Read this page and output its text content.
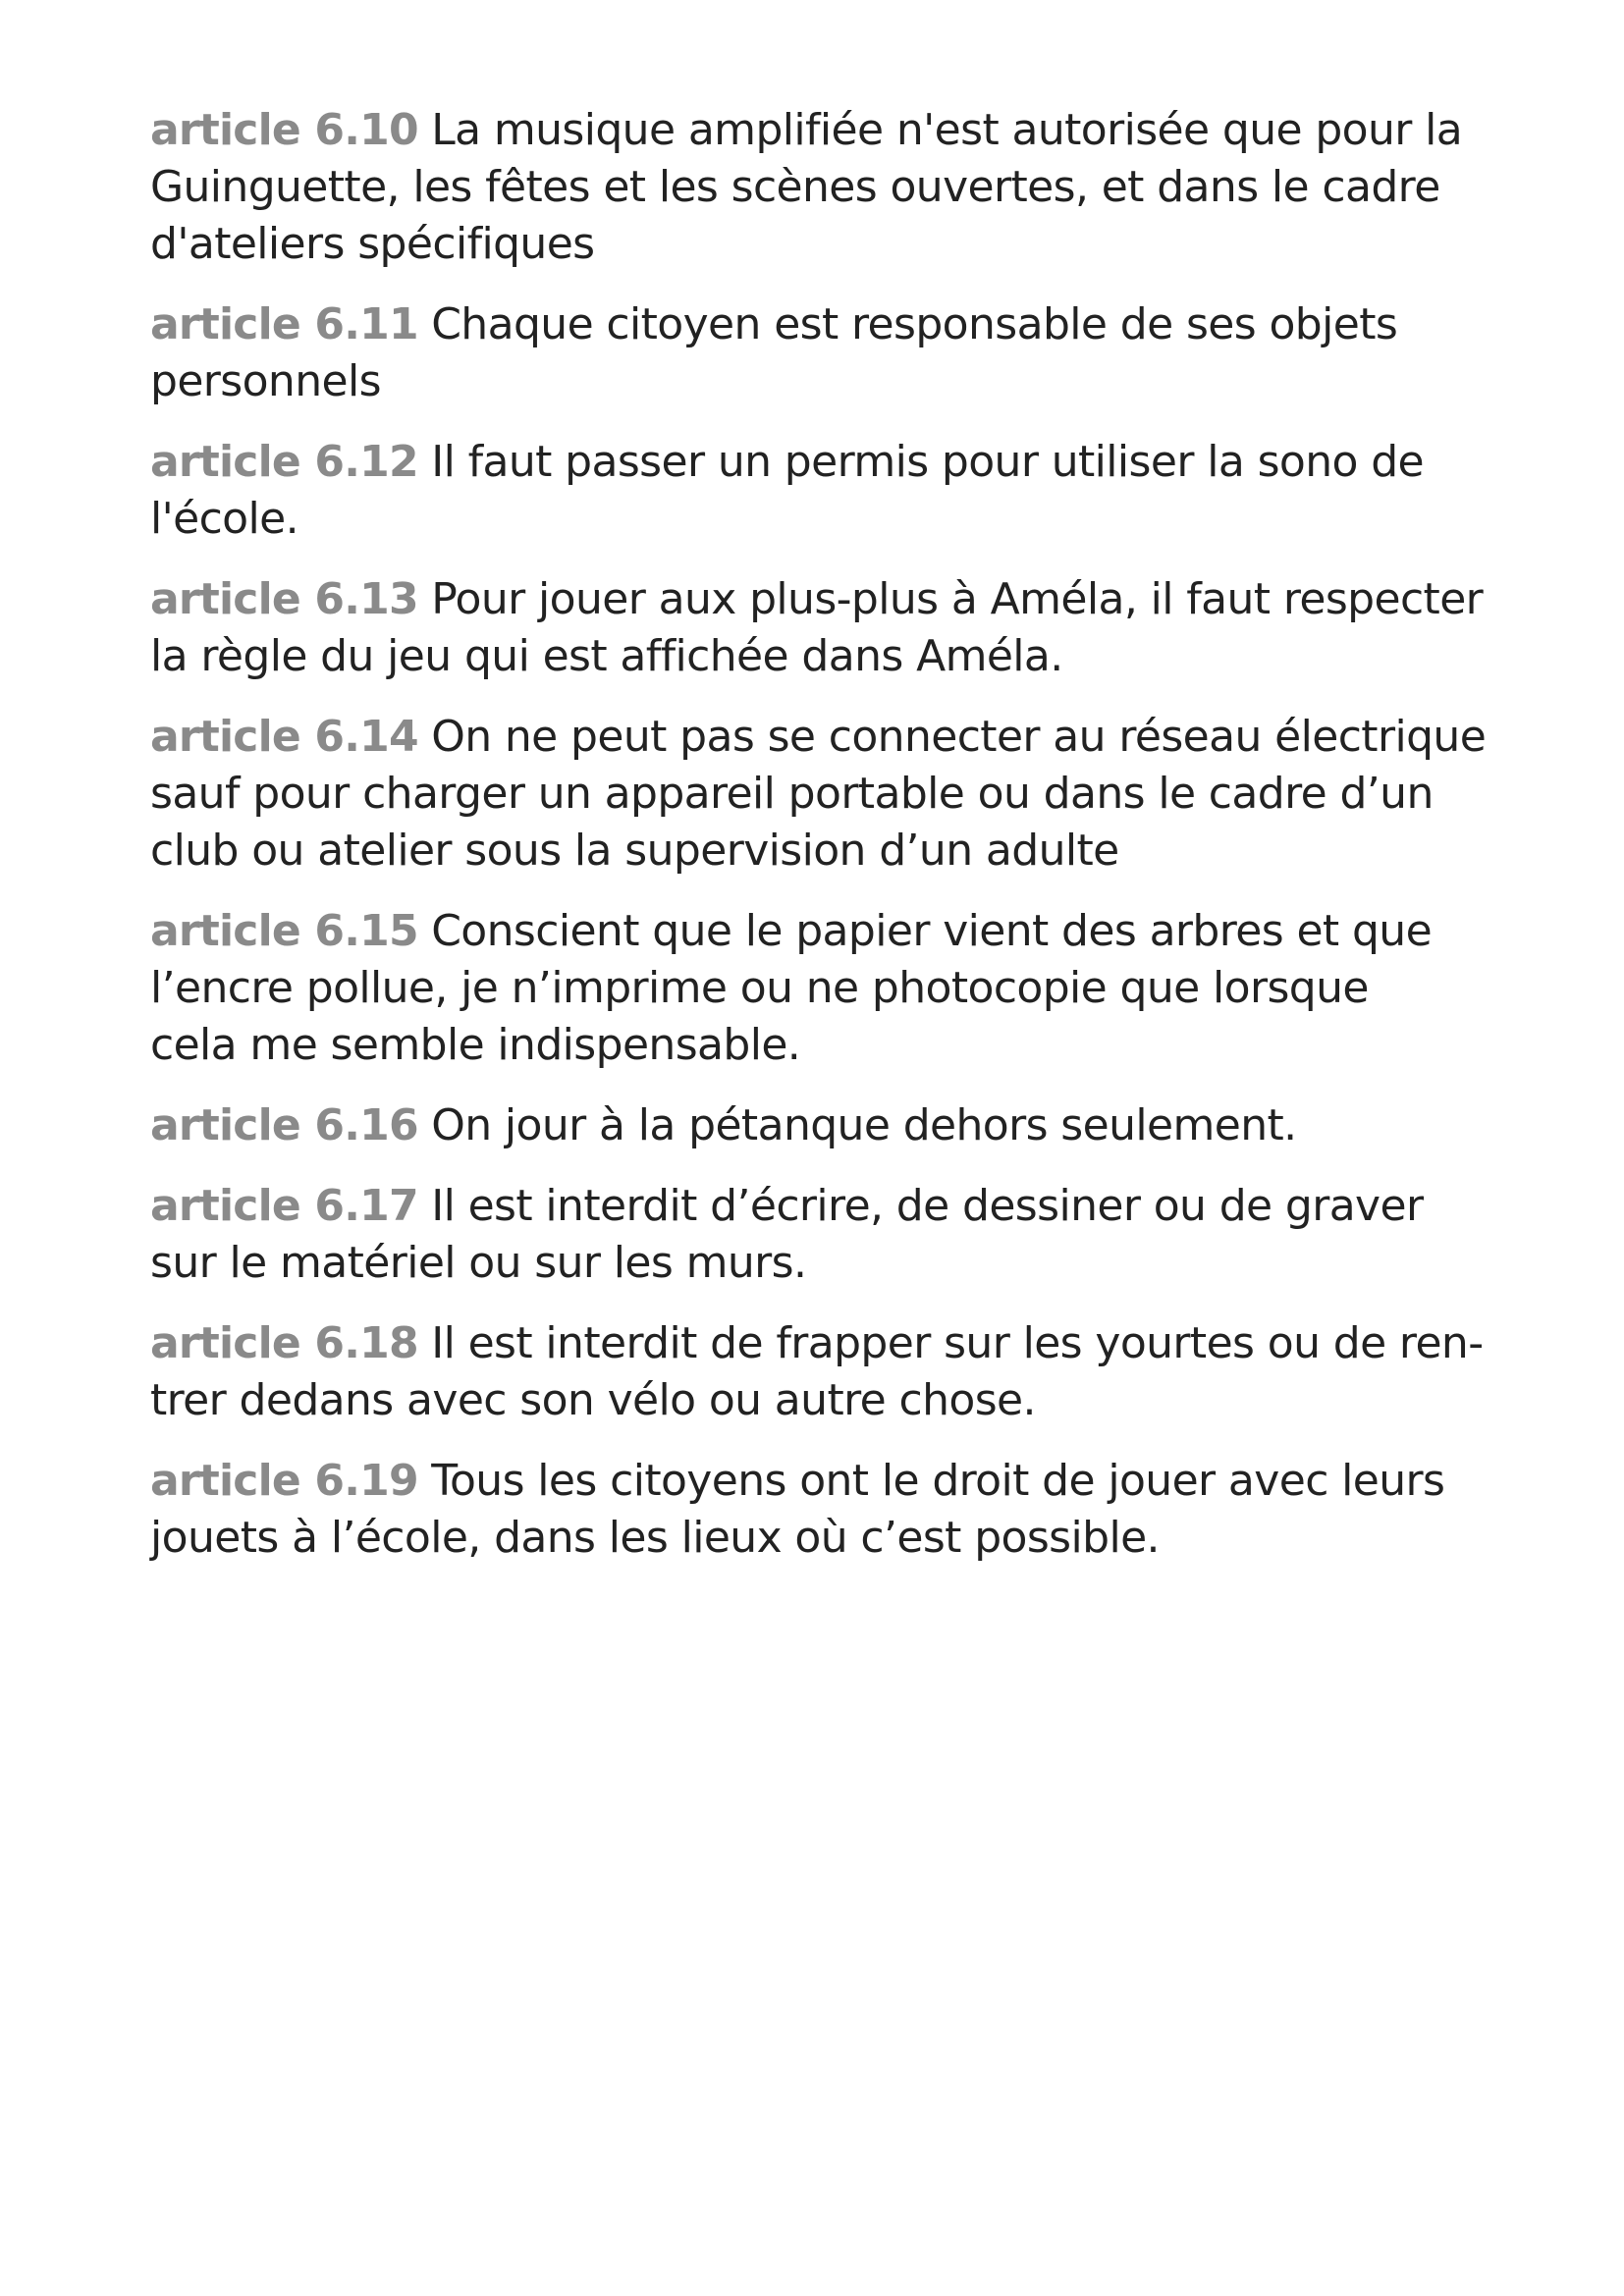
article 6.10 La musique amplifiée n'est autorisée que pour la
Guinguette, les fêtes et les scènes ouvertes, et dans le cadre
d'ateliers spécifiques

article 6.11 Chaque citoyen est responsable de ses objets
personnels

article 6.12 Il faut passer un permis pour utiliser la sono de
l'école.

article 6.13 Pour jouer aux plus-plus à Améla, il faut respecter
la règle du jeu qui est affichée dans Améla.

article 6.14 On ne peut pas se connecter au réseau électrique
sauf pour charger un appareil portable ou dans le cadre d’un
club ou atelier sous la supervision d’un adulte

article 6.15 Conscient que le papier vient des arbres et que
l’encre pollue, je n’imprime ou ne photocopie que lorsque
cela me semble indispensable.

article 6.16 On jour à la pétanque dehors seulement.

article 6.17 Il est interdit d’écrire, de dessiner ou de graver
sur le matériel ou sur les murs.

article 6.18 Il est interdit de frapper sur les yourtes ou de ren-
trer dedans avec son vélo ou autre chose.

article 6.19 Tous les citoyens ont le droit de jouer avec leurs
jouets à l’école, dans les lieux où c’est possible.
